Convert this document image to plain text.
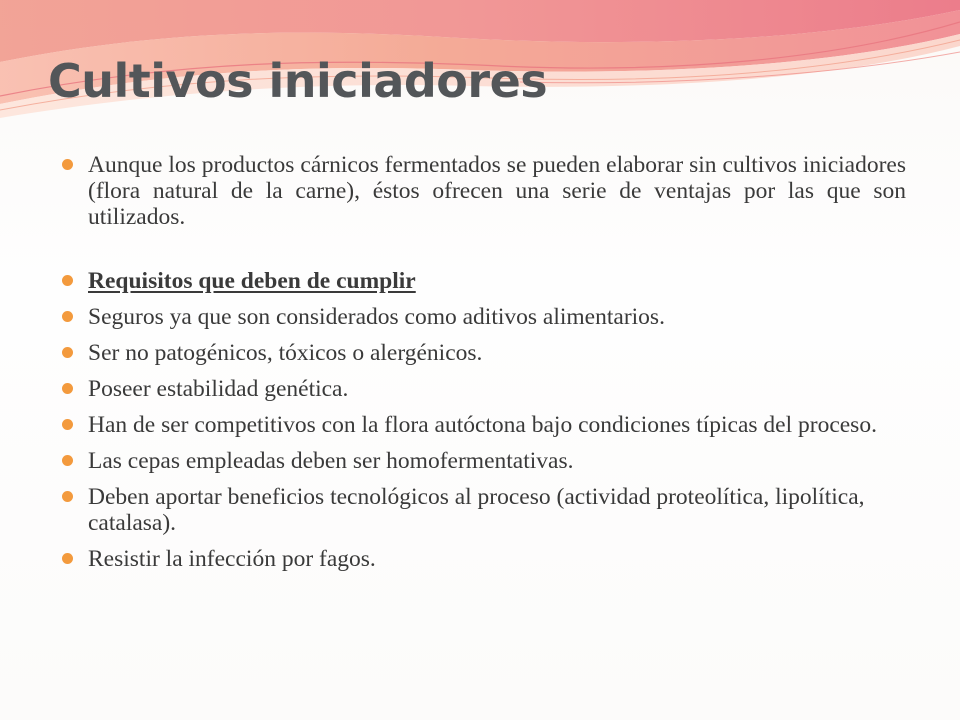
Cultivos iniciadores
Aunque los productos cárnicos fermentados se pueden elaborar sin cultivos iniciadores (flora natural de la carne), éstos ofrecen una serie de ventajas por las que son utilizados.
Requisitos que deben de cumplir
Seguros ya que son considerados como aditivos alimentarios.
Ser no patogénicos, tóxicos o alergénicos.
Poseer estabilidad genética.
Han de ser competitivos con la flora autóctona bajo condiciones típicas del proceso.
Las cepas empleadas deben ser homofermentativas.
Deben aportar beneficios tecnológicos al proceso (actividad proteolítica, lipolítica, catalasa).
Resistir la infección por fagos.
